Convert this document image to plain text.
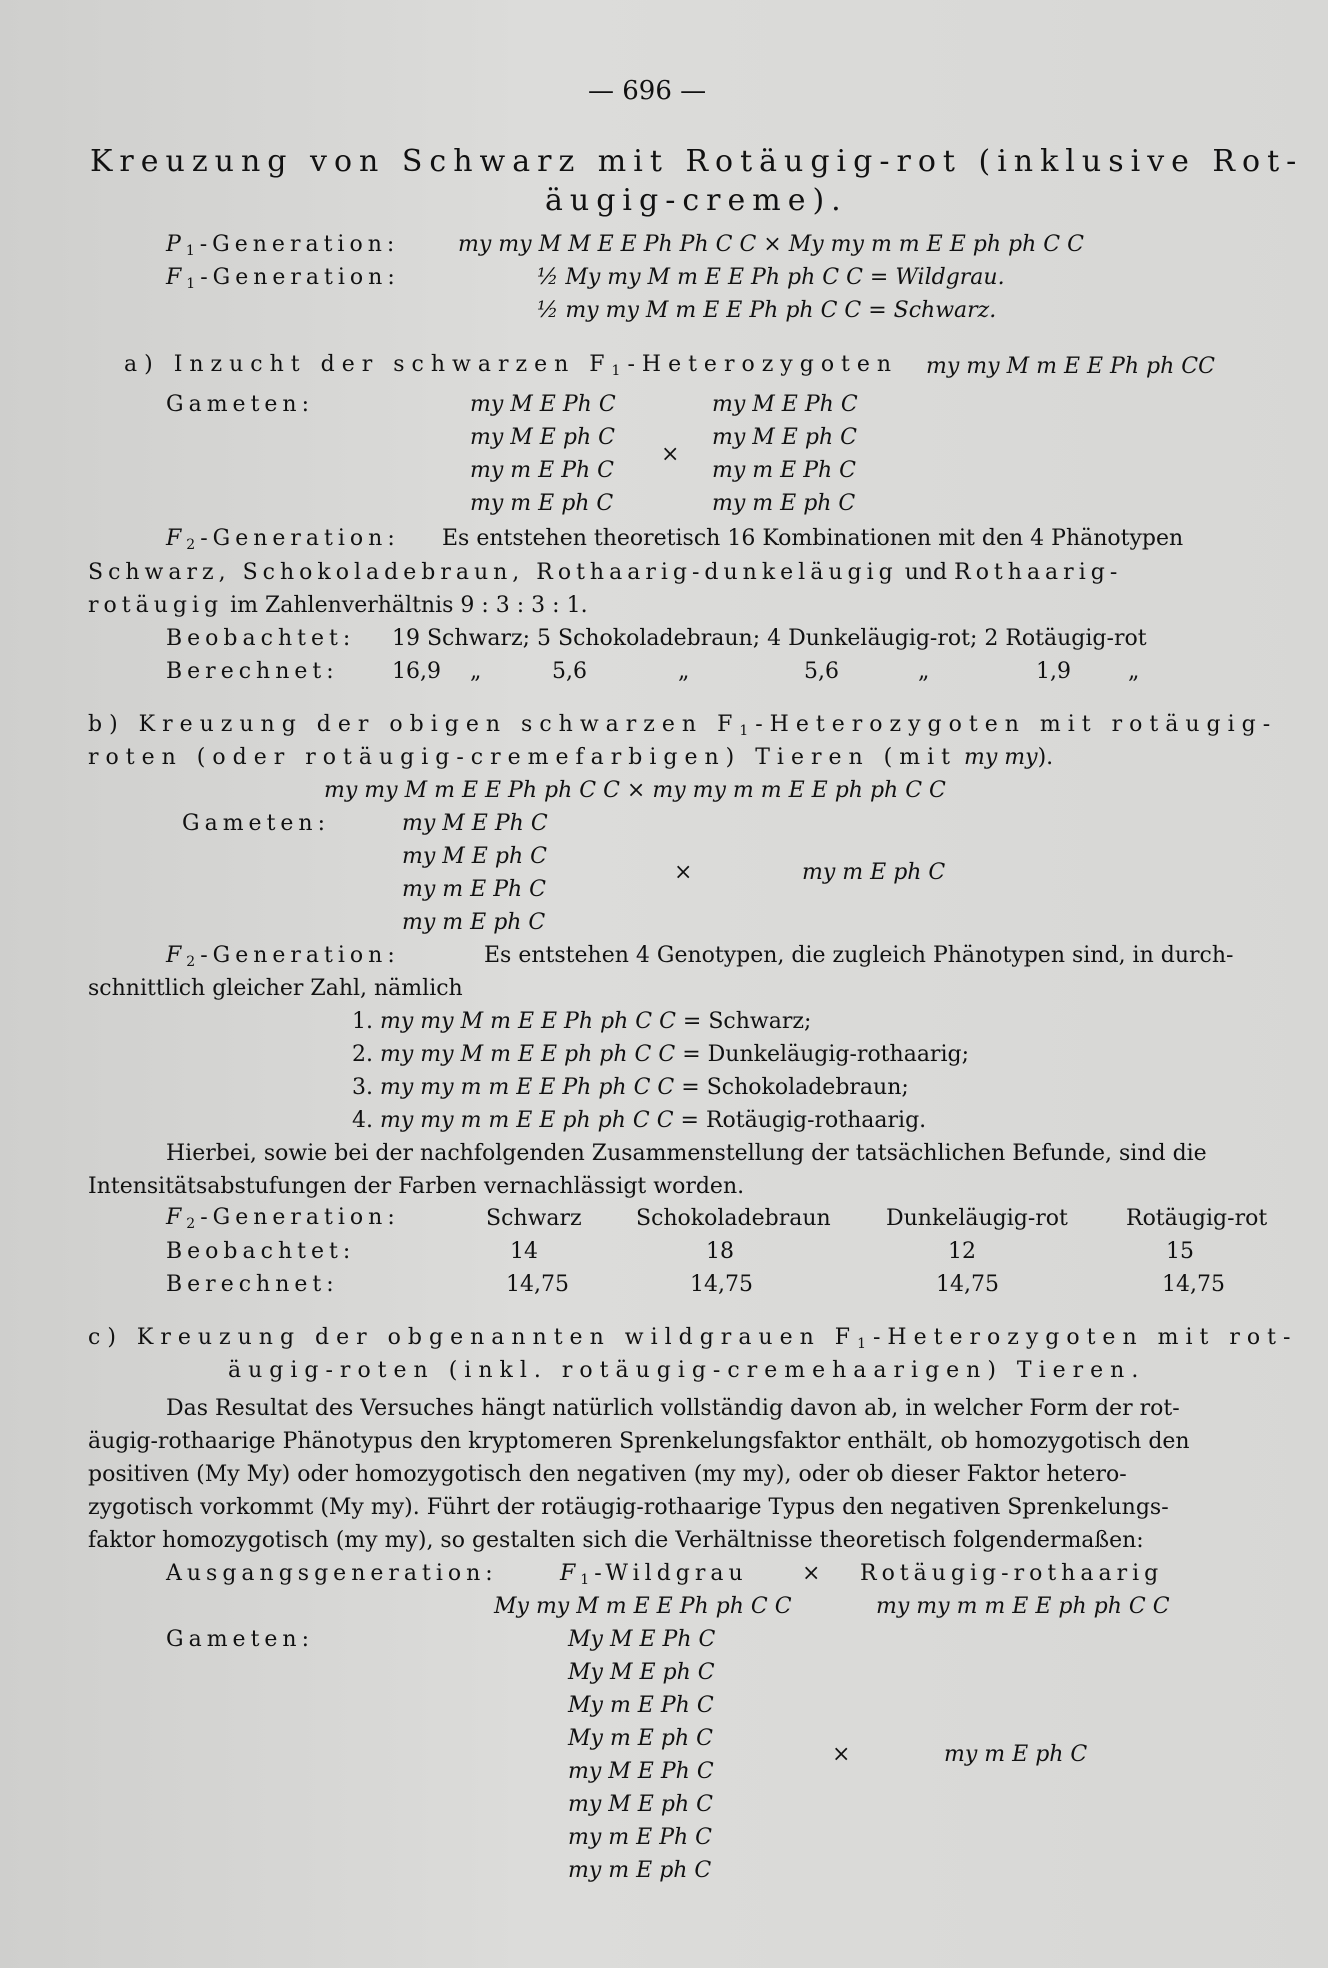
— 696 —
Kreuzung von Schwarz mit Rotäugig-rot (inklusive Rot-
äugig-creme).
$P_1$-Generation:	my my M M E E Ph Ph C C × My my m m E E ph ph C C
$F_1$-Generation:	½ My my M m E E Ph ph C C = Wildgrau.
½ my my M m E E Ph ph C C = Schwarz.
a) Inzucht der schwarzen $F_1$-Heterozygoten my my M m E E Ph ph CC
Gameten:	my M E Ph C
my M E ph C
my m E Ph C
my m E ph C
×
my M E Ph C
my M E ph C
my m E Ph C
my m E ph C
$F_2$-Generation: Es entstehen theoretisch 16 Kombinationen mit den 4 Phänotypen
Schwarz, Schokoladebraun, Rothaarig-dunkeläugig und Rothaarig-
rotäugig im Zahlenverhältnis 9 : 3 : 3 : 1.
Beobachtet: 19 Schwarz; 5 Schokoladebraun; 4 Dunkeläugig-rot; 2 Rotäugig-rot
Berechnet: 16,9 „	5,6	„	5,6	„	1,9	„
b) Kreuzung der obigen schwarzen $F_1$-Heterozygoten mit rotäugig-
roten (oder rotäugig-cremefarbigen) Tieren (mit my my).
my my M m E E Ph ph C C × my my m m E E ph ph C C
Gameten:	my M E Ph C
my M E ph C
my m E Ph C
my m E ph C
×	my m E ph C
$F_2$-Generation:	Es entstehen 4 Genotypen, die zugleich Phänotypen sind, in durch-
schnittlich gleicher Zahl, nämlich
1. my my M m E E Ph ph C C = Schwarz;
2. my my M m E E ph ph C C = Dunkeläugig-rothaarig;
3. my my m m E E Ph ph C C = Schokoladebraun;
4. my my m m E E ph ph C C = Rotäugig-rothaarig.
Hierbei, sowie bei der nachfolgenden Zusammenstellung der tatsächlichen Befunde, sind die
Intensitätsabstufungen der Farben vernachlässigt worden.
$F_2$-Generation:	Schwarz	Schokoladebraun	Dunkeläugig-rot	Rotäugig-rot
Beobachtet:	14	18	12	15
Berechnet:	14,75	14,75	14,75	14,75
c) Kreuzung der obgenannten wildgrauen $F_1$-Heterozygoten mit rot-
äugig-roten (inkl. rotäugig-cremehaarigen) Tieren.
Das Resultat des Versuches hängt natürlich vollständig davon ab, in welcher Form der rot-
äugig-rothaarige Phänotypus den kryptomeren Sprenkelungsfaktor enthält, ob homozygotisch den
positiven (My My) oder homozygotisch den negativen (my my), oder ob dieser Faktor hetero-
zygotisch vorkommt (My my). Führt der rotäugig-rothaarige Typus den negativen Sprenkelungs-
faktor homozygotisch (my my), so gestalten sich die Verhältnisse theoretisch folgendermaßen:
Ausgangsgeneration:	$F_1$-Wildgrau × Rotäugig-rothaarig
My my M m E E Ph ph C C	my my m m E E ph ph C C
Gameten:	My M E Ph C
My M E ph C
My m E Ph C
My m E ph C
my M E Ph C
my M E ph C
my m E Ph C
my m E ph C
×	my m E ph C
